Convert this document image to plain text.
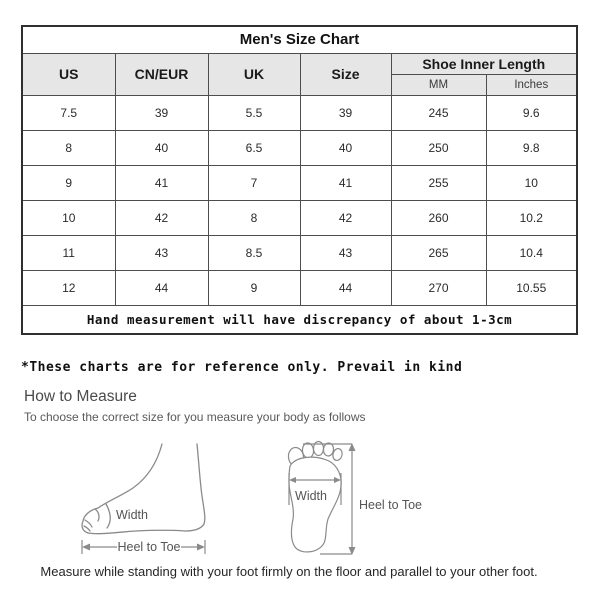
Men's Size Chart					
US	CN/EUR	UK	Size	Shoe Inner Length	
				MM	Inches
7.5	39	5.5	39	245	9.6
8	40	6.5	40	250	9.8
9	41	7	41	255	10
10	42	8	42	260	10.2
11	43	8.5	43	265	10.4
12	44	9	44	270	10.55
Hand measurement will have discrepancy of about 1-3cm					
*These charts are for reference only. Prevail in kind
How to Measure
To choose the correct size for you measure your body as follows
Width
Heel to Toe
Width
Heel to Toe
Measure while standing with your foot firmly on the floor and parallel to your other foot.
